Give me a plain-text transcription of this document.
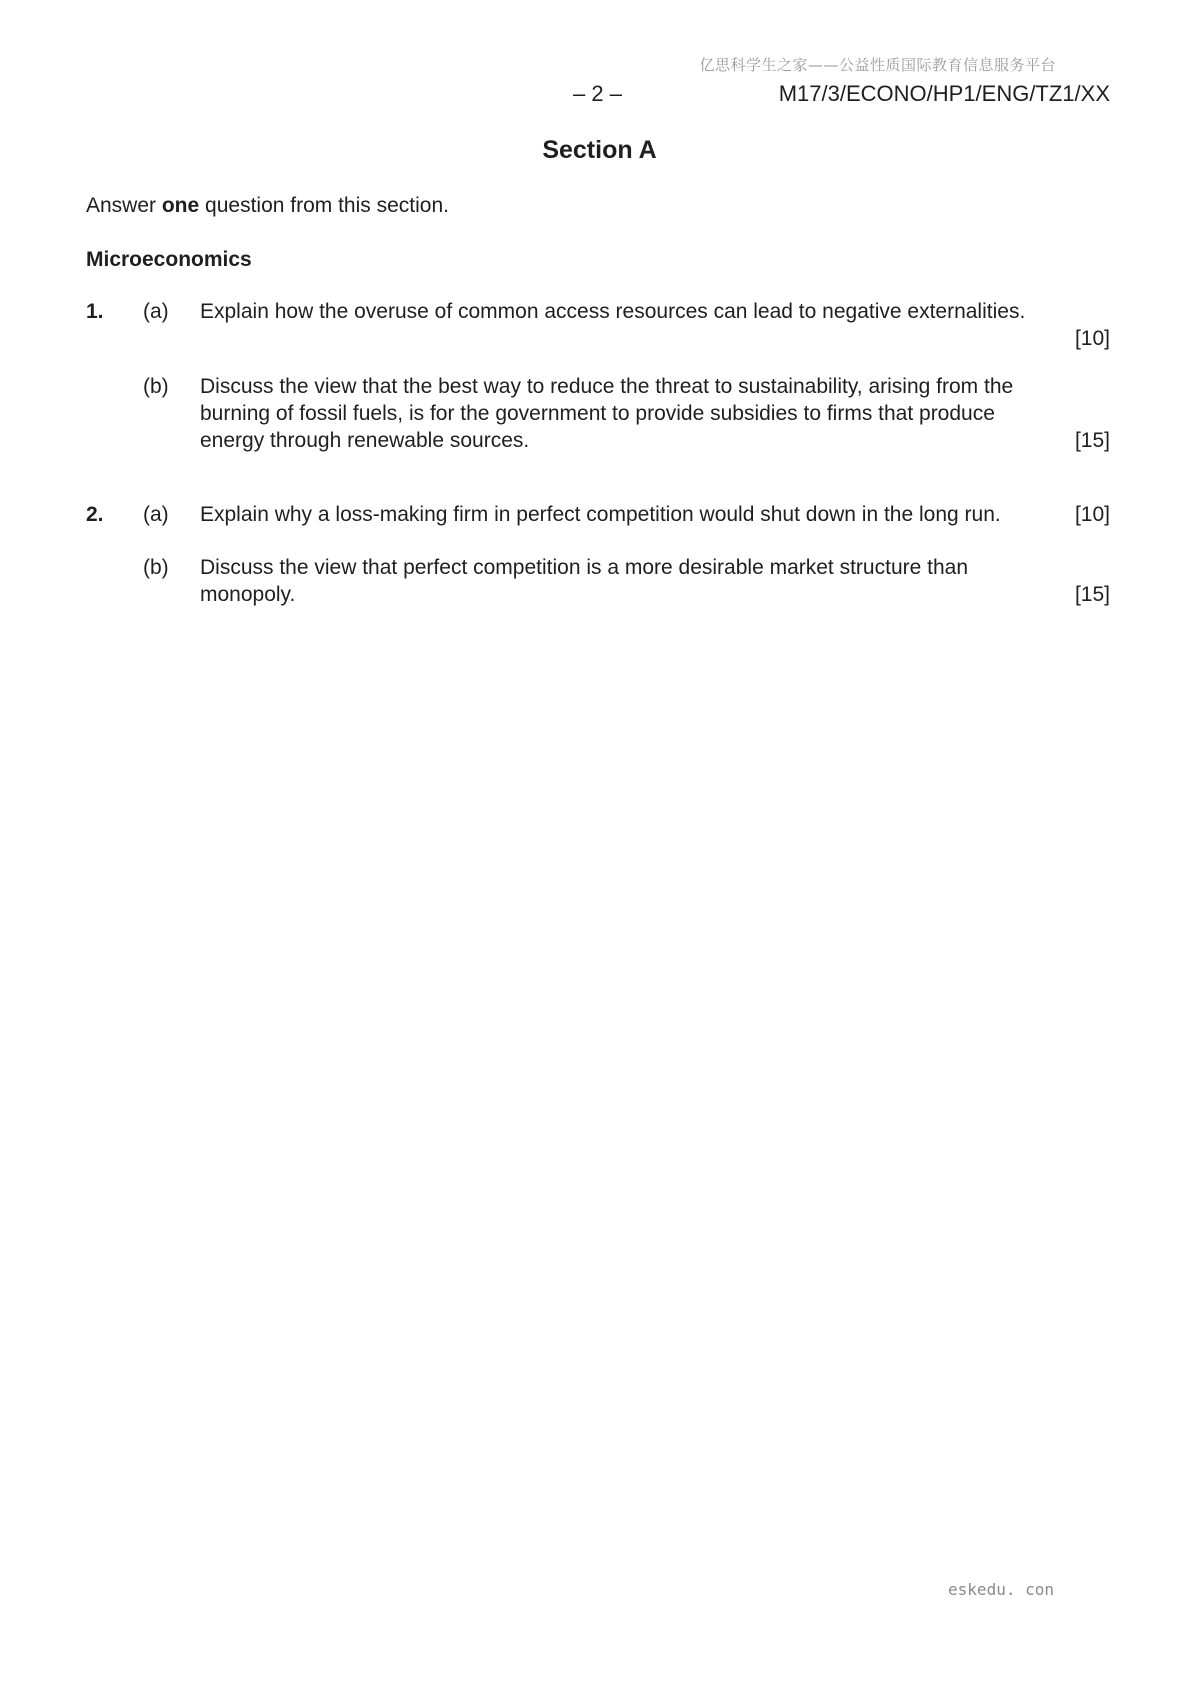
亿思科学生之家——公益性质国际教育信息服务平台
– 2 –	M17/3/ECONO/HP1/ENG/TZ1/XX
Section A
Answer one question from this section.
Microeconomics
1. (a) Explain how the overuse of common access resources can lead to negative externalities.
[10]
(b) Discuss the view that the best way to reduce the threat to sustainability, arising from the burning of fossil fuels, is for the government to provide subsidies to firms that produce energy through renewable sources.	[15]
2. (a) Explain why a loss-making firm in perfect competition would shut down in the long run.	[10]
(b) Discuss the view that perfect competition is a more desirable market structure than monopoly.	[15]
eskedu. con
